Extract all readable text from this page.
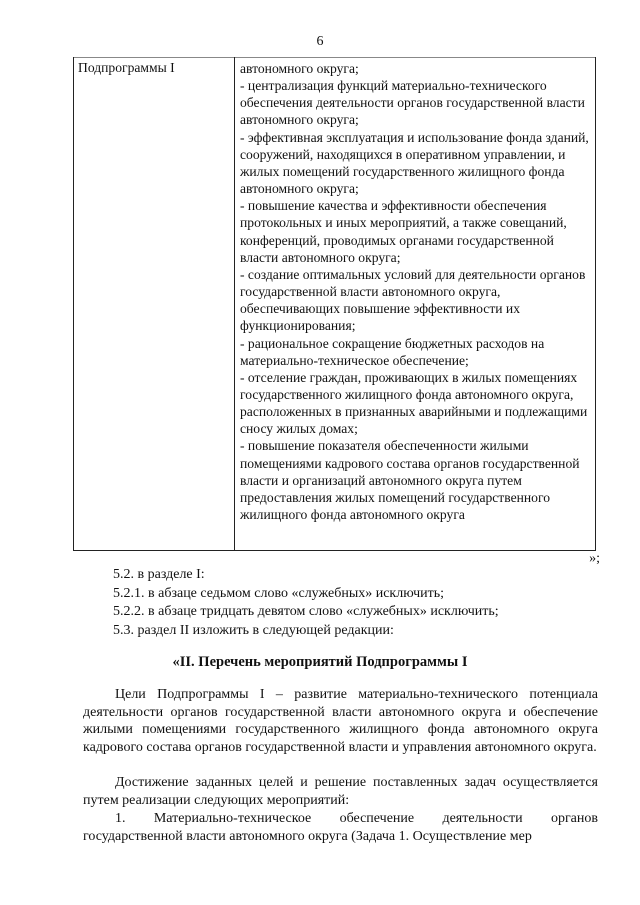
6
Подпрограммы I	автономного округа;

- централизация функций материально-технического обеспечения деятельности органов государственной власти автономного округа;

- эффективная эксплуатация и использование фонда зданий, сооружений, находящихся в оперативном управлении, и жилых помещений государственного жилищного фонда автономного округа;

- повышение качества и эффективности обеспечения протокольных и иных мероприятий, а также совещаний, конференций, проводимых органами государственной власти автономного округа;

- создание оптимальных условий для деятельности органов государственной власти автономного округа, обеспечивающих повышение эффективности их функционирования;

- рациональное сокращение бюджетных расходов на материально-техническое обеспечение;

- отселение граждан, проживающих в жилых помещениях государственного жилищного фонда автономного округа, расположенных в признанных аварийными и подлежащими сносу жилых домах;

- повышение показателя обеспеченности жилыми помещениями кадрового состава органов государственной власти и организаций автономного округа путем предоставления жилых помещений государственного жилищного фонда автономного округа

»;
5.2. в разделе I:
5.2.1. в абзаце седьмом слово «служебных» исключить;
5.2.2. в абзаце тридцать девятом слово «служебных» исключить;
5.3. раздел II изложить в следующей редакции:
«II. Перечень мероприятий Подпрограммы I

Цели Подпрограммы I – развитие материально-технического потенциала деятельности органов государственной власти автономного округа и обеспечение жилыми помещениями государственного жилищного фонда автономного округа кадрового состава органов государственной власти и управления автономного округа.

Достижение заданных целей и решение поставленных задач осуществляется путем реализации следующих мероприятий:

1. Материально-техническое обеспечение деятельности органов государственной власти автономного округа (Задача 1. Осуществление мер
